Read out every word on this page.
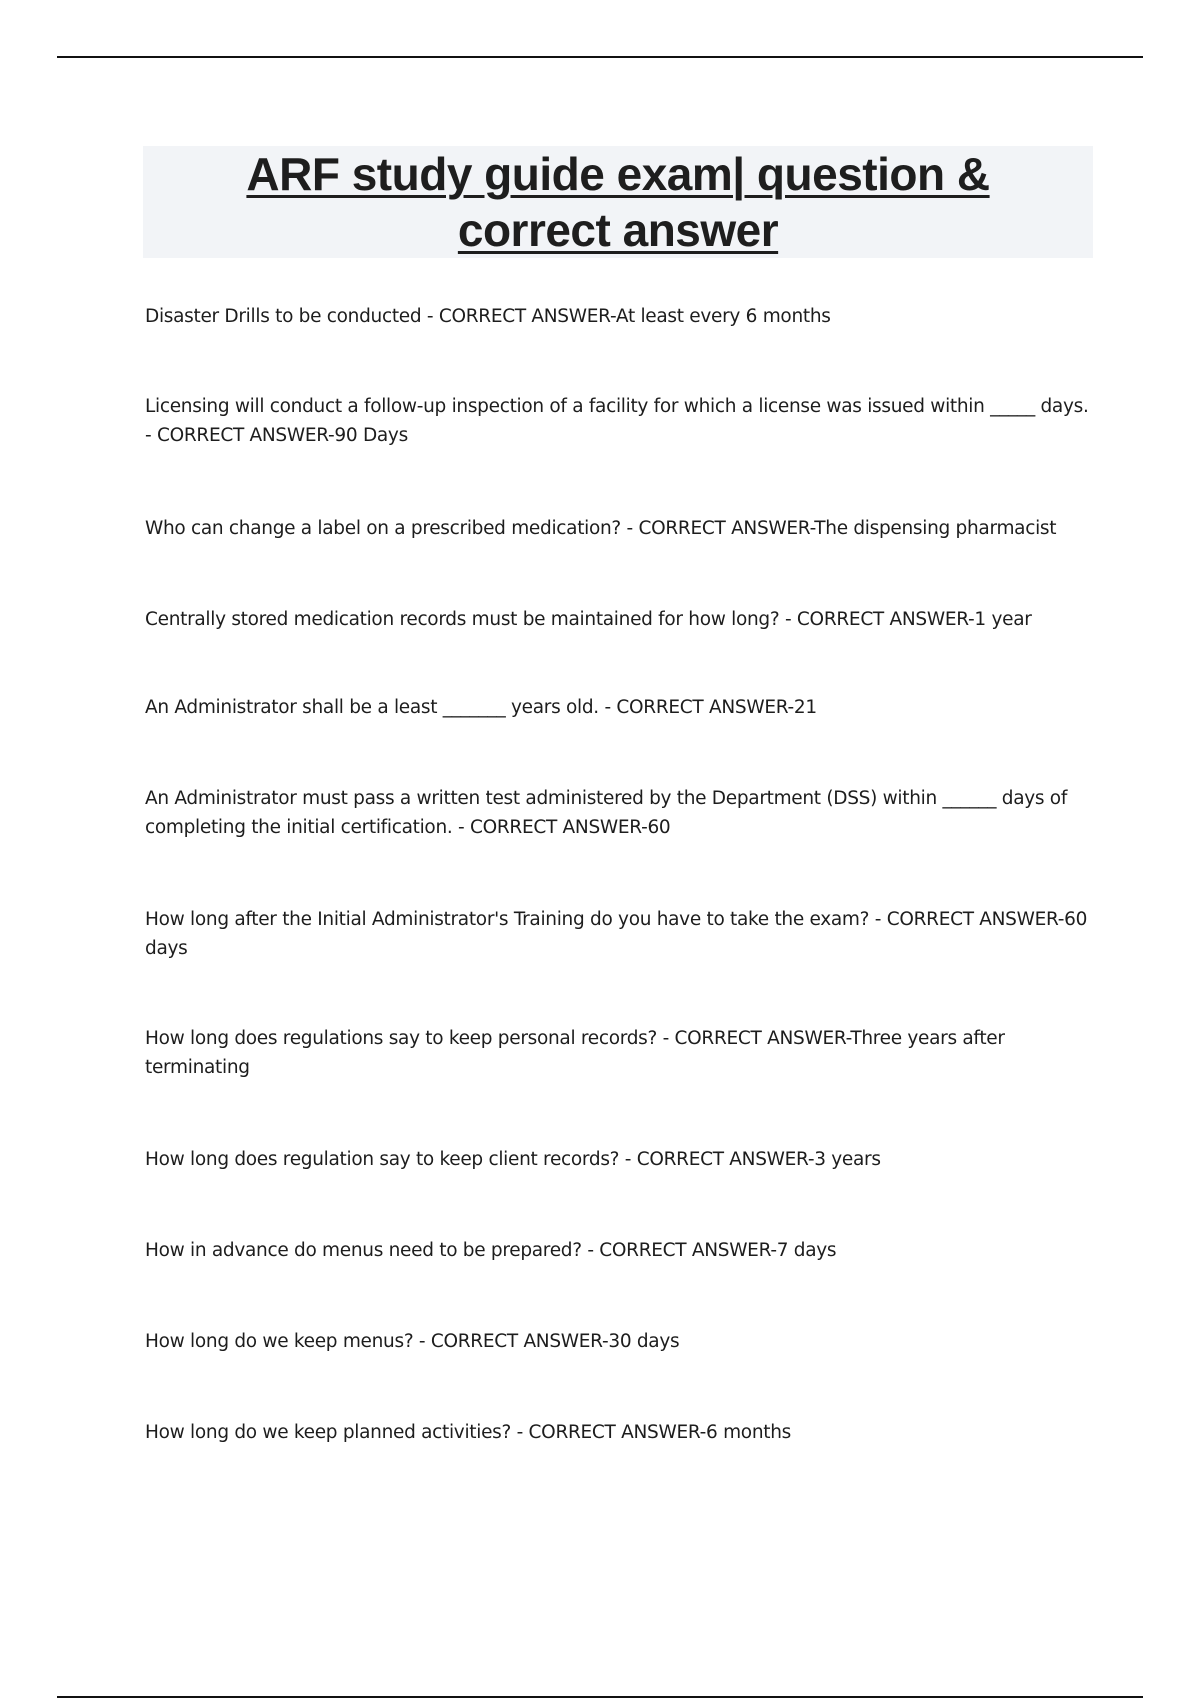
ARF study guide exam| question & correct answer
Disaster Drills to be conducted - CORRECT ANSWER-At least every 6 months
Licensing will conduct a follow-up inspection of a facility for which a license was issued within _____ days. - CORRECT ANSWER-90 Days
Who can change a label on a prescribed medication? - CORRECT ANSWER-The dispensing pharmacist
Centrally stored medication records must be maintained for how long? - CORRECT ANSWER-1 year
An Administrator shall be a least _______ years old. - CORRECT ANSWER-21
An Administrator must pass a written test administered by the Department (DSS) within ______ days of completing the initial certification. - CORRECT ANSWER-60
How long after the Initial Administrator's Training do you have to take the exam? - CORRECT ANSWER-60 days
How long does regulations say to keep personal records? - CORRECT ANSWER-Three years after terminating
How long does regulation say to keep client records? - CORRECT ANSWER-3 years
How in advance do menus need to be prepared? - CORRECT ANSWER-7 days
How long do we keep menus? - CORRECT ANSWER-30 days
How long do we keep planned activities? - CORRECT ANSWER-6 months
